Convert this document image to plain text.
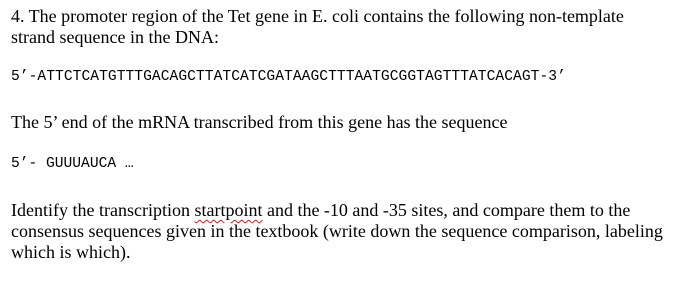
4. The promoter region of the Tet gene in E. coli contains the following non-template strand sequence in the DNA:

5’-ATTCTCATGTTTGACAGCTTATCATCGATAAGCTTTAATGCGGTAGTTTATCACAGT-3’

The 5’ end of the mRNA transcribed from this gene has the sequence

5’- GUUUAUCA …

Identify the transcription startpoint and the -10 and -35 sites, and compare them to the consensus sequences given in the textbook (write down the sequence comparison, labeling which is which).
